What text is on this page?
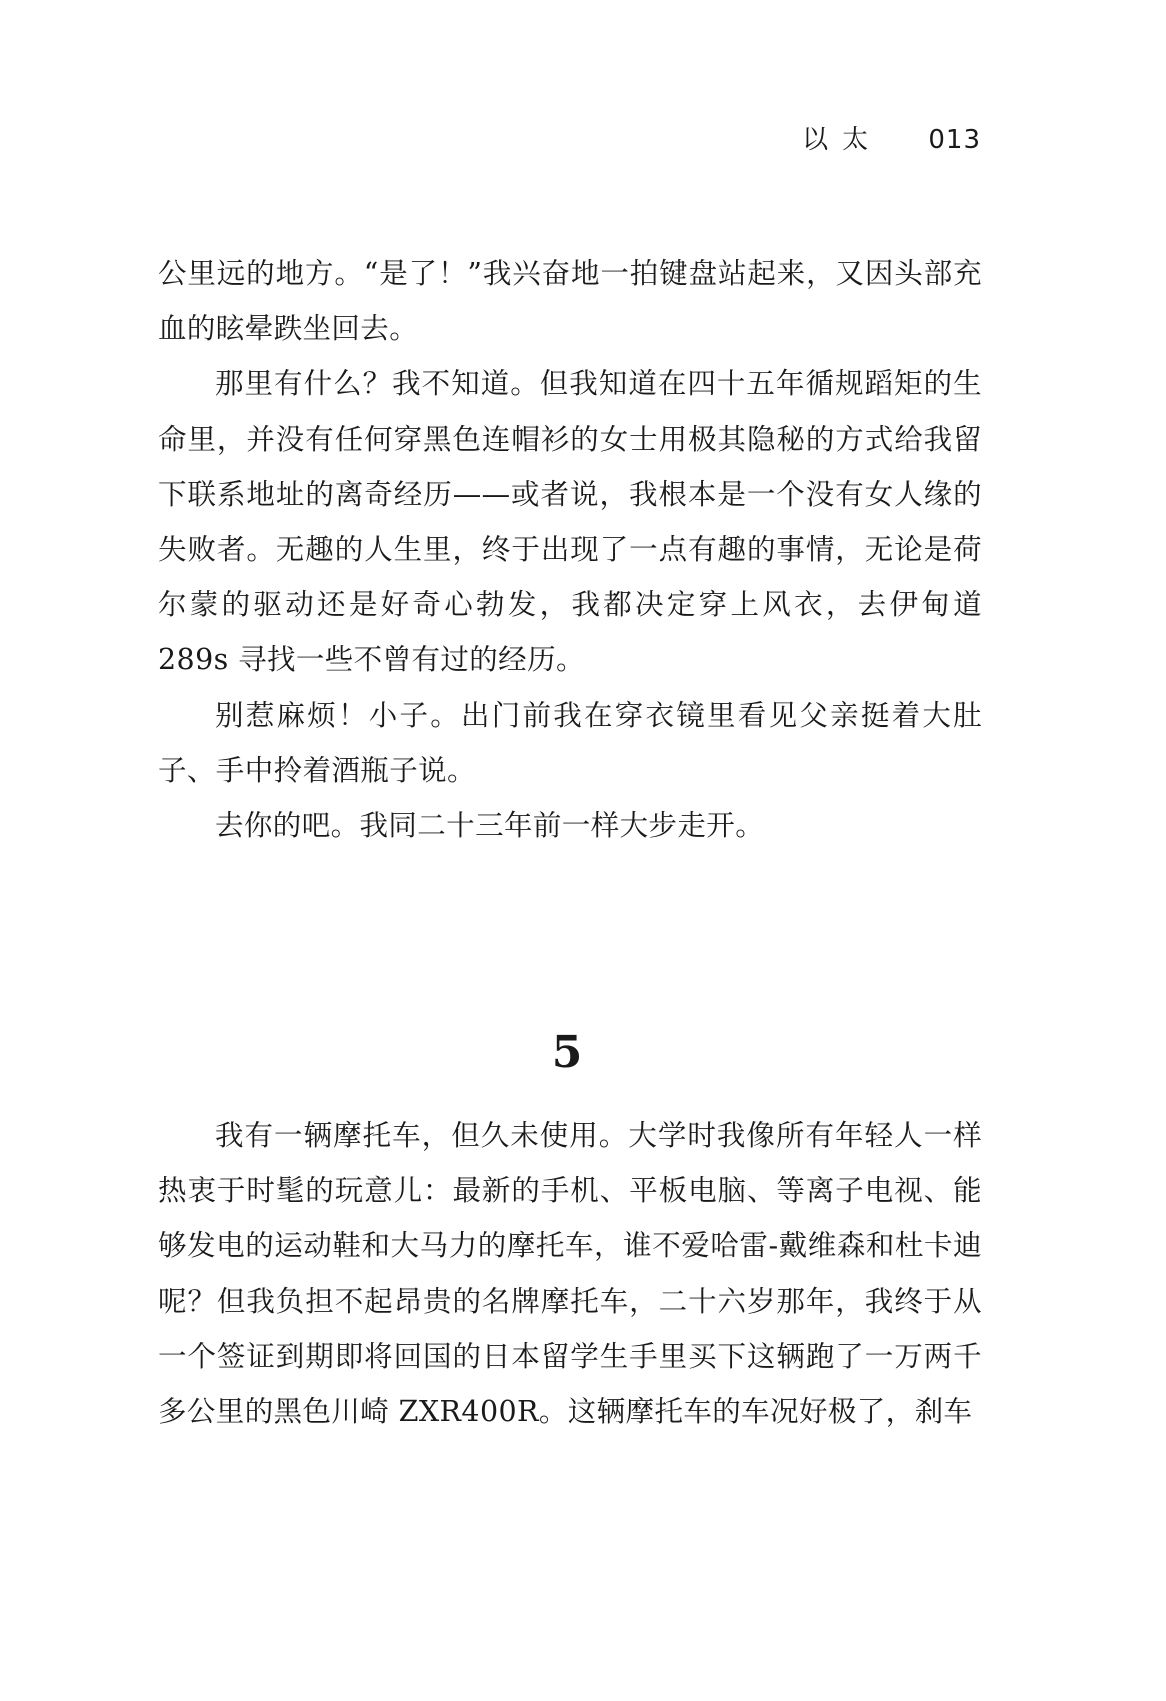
以太 013

公里远的地方。“是了！”我兴奋地一拍键盘站起来，又因头部充血的眩晕跌坐回去。

那里有什么？我不知道。但我知道在四十五年循规蹈矩的生命里，并没有任何穿黑色连帽衫的女士用极其隐秘的方式给我留下联系地址的离奇经历——或者说，我根本是一个没有女人缘的失败者。无趣的人生里，终于出现了一点有趣的事情，无论是荷尔蒙的驱动还是好奇心勃发，我都决定穿上风衣，去伊甸道 289s 寻找一些不曾有过的经历。

别惹麻烦！小子。出门前我在穿衣镜里看见父亲挺着大肚子、手中拎着酒瓶子说。

去你的吧。我同二十三年前一样大步走开。

5

我有一辆摩托车，但久未使用。大学时我像所有年轻人一样热衷于时髦的玩意儿：最新的手机、平板电脑、等离子电视、能够发电的运动鞋和大马力的摩托车，谁不爱哈雷-戴维森和杜卡迪呢？但我负担不起昂贵的名牌摩托车，二十六岁那年，我终于从一个签证到期即将回国的日本留学生手里买下这辆跑了一万两千多公里的黑色川崎 ZXR400R。这辆摩托车的车况好极了，刹车
